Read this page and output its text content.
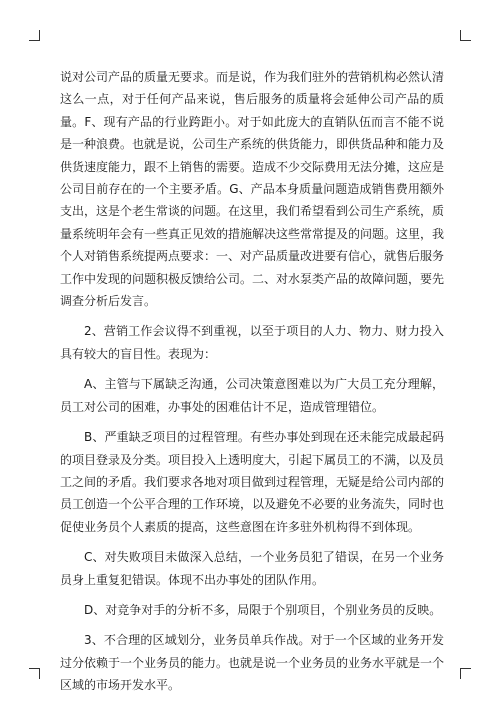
说对公司产品的质量无要求。而是说，作为我们驻外的营销机构必然认清这么一点，对于任何产品来说，售后服务的质量将会延伸公司产品的质量。F、现有产品的行业跨距小。对于如此庞大的直销队伍而言不能不说是一种浪费。也就是说，公司生产系统的供货能力，即供货品种和能力及供货速度能力，跟不上销售的需要。造成不少交际费用无法分摊，这应是公司目前存在的一个主要矛盾。G、产品本身质量问题造成销售费用额外支出，这是个老生常谈的问题。在这里，我们希望看到公司生产系统，质量系统明年会有一些真正见效的措施解决这些常常提及的问题。这里，我个人对销售系统提两点要求：一、对产品质量改进要有信心，就售后服务工作中发现的问题积极反馈给公司。二、对水泵类产品的故障问题，要先调查分析后发言。

2、营销工作会议得不到重视，以至于项目的人力、物力、财力投入具有较大的盲目性。表现为：

A、主管与下属缺乏沟通，公司决策意图难以为广大员工充分理解，员工对公司的困难，办事处的困难估计不足，造成管理错位。

B、严重缺乏项目的过程管理。有些办事处到现在还未能完成最起码的项目登录及分类。项目投入上透明度大，引起下属员工的不满，以及员工之间的矛盾。我们要求各地对项目做到过程管理，无疑是给公司内部的员工创造一个公平合理的工作环境，以及避免不必要的业务流失，同时也促使业务员个人素质的提高，这些意图在许多驻外机构得不到体现。

C、对失败项目未做深入总结，一个业务员犯了错误，在另一个业务员身上重复犯错误。体现不出办事处的团队作用。

D、对竞争对手的分析不多，局限于个别项目，个别业务员的反映。

3、不合理的区域划分，业务员单兵作战。对于一个区域的业务开发过分依赖于一个业务员的能力。也就是说一个业务员的业务水平就是一个区域的市场开发水平。
